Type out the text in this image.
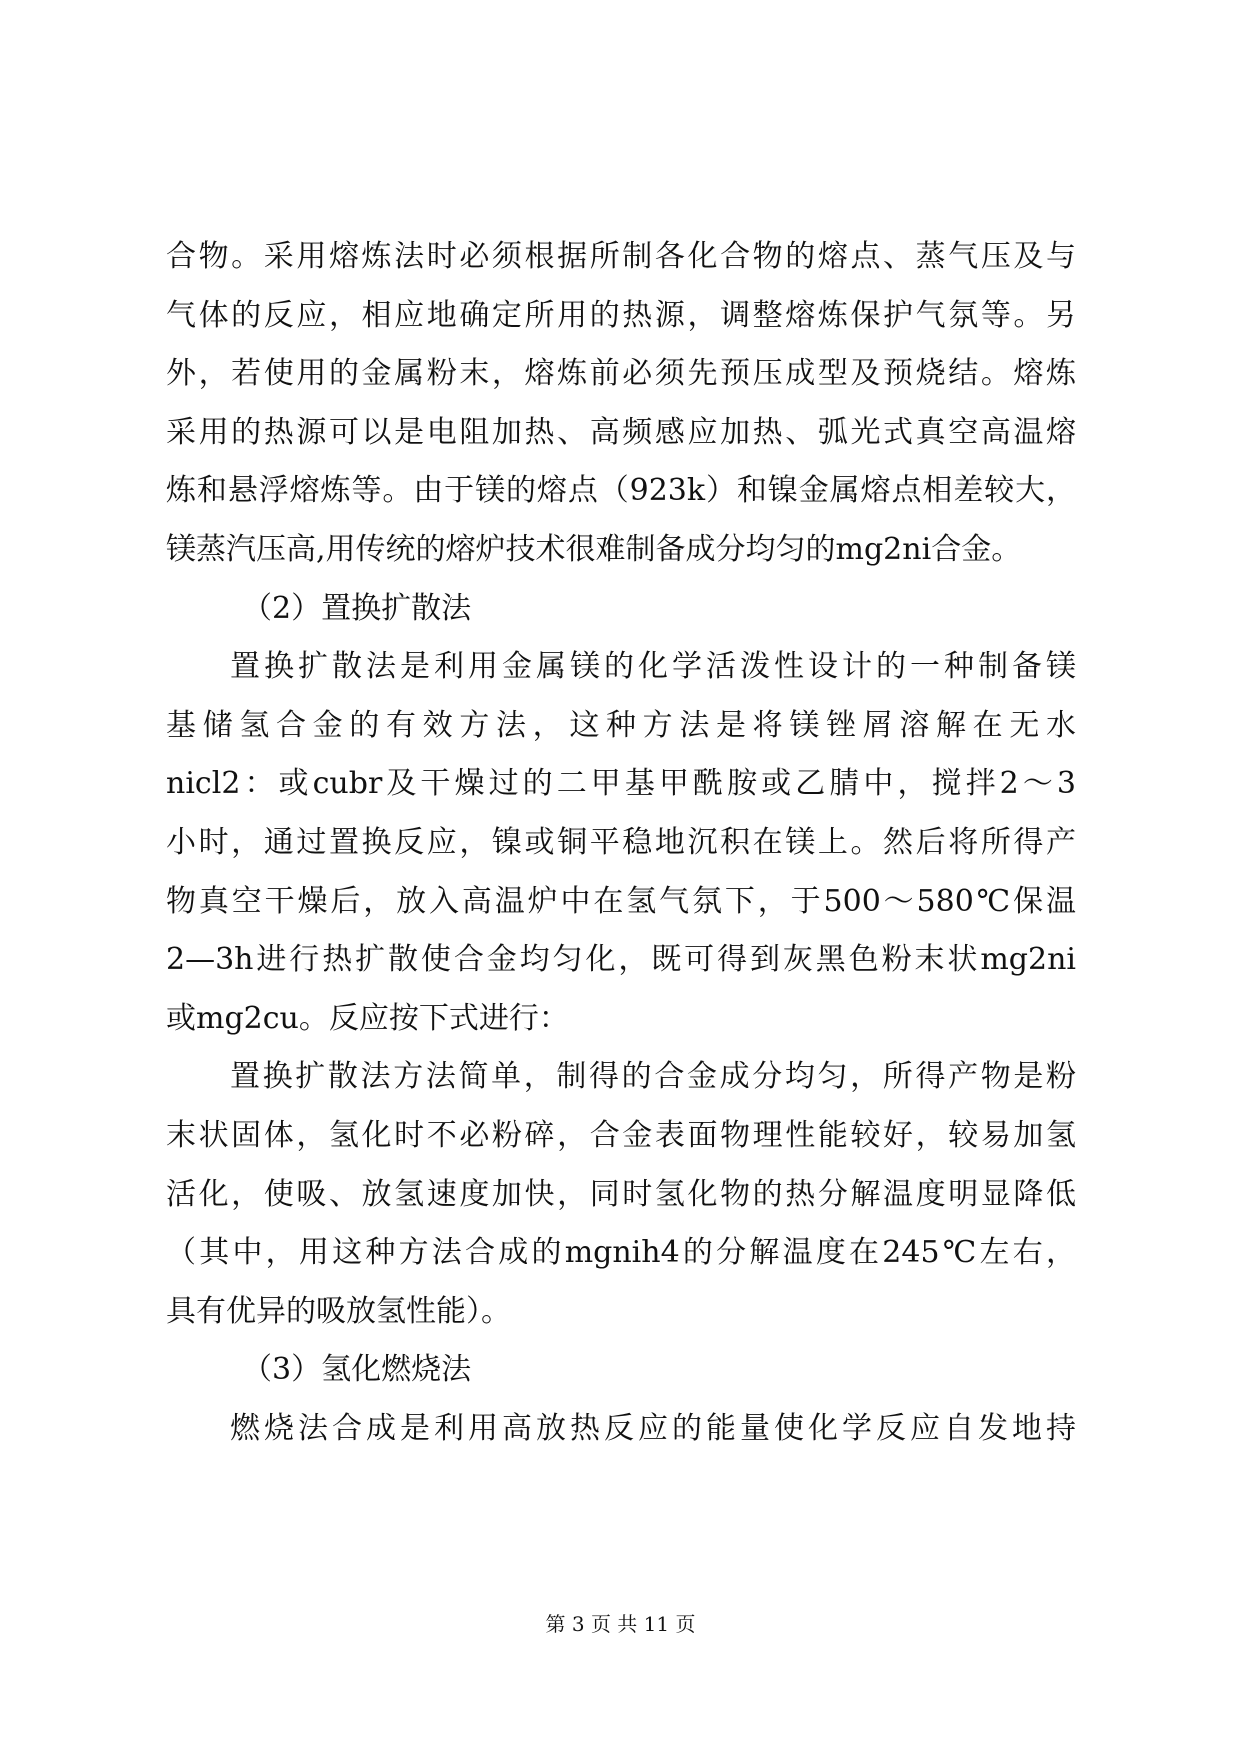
合物。采用熔炼法时必须根据所制各化合物的熔点、蒸气压及与
气体的反应，相应地确定所用的热源，调整熔炼保护气氛等。另
外，若使用的金属粉末，熔炼前必须先预压成型及预烧结。熔炼
采用的热源可以是电阻加热、高频感应加热、弧光式真空高温熔
炼和悬浮熔炼等。由于镁的熔点（923k）和镍金属熔点相差较大，
镁蒸汽压高,用传统的熔炉技术很难制备成分均匀的mg2ni合金。
（2）置换扩散法
置换扩散法是利用金属镁的化学活泼性设计的一种制备镁
基储氢合金的有效方法，这种方法是将镁锉屑溶解在无水
nicl2：或cubr及干燥过的二甲基甲酰胺或乙腈中，搅拌2～3
小时，通过置换反应，镍或铜平稳地沉积在镁上。然后将所得产
物真空干燥后，放入高温炉中在氢气氛下，于500～580℃保温
2—3h进行热扩散使合金均匀化，既可得到灰黑色粉末状mg2ni
或mg2cu。反应按下式进行：
置换扩散法方法简单，制得的合金成分均匀，所得产物是粉
末状固体，氢化时不必粉碎，合金表面物理性能较好，较易加氢
活化，使吸、放氢速度加快，同时氢化物的热分解温度明显降低
（其中，用这种方法合成的mgnih4的分解温度在245℃左右，
具有优异的吸放氢性能）。
（3）氢化燃烧法
燃烧法合成是利用高放热反应的能量使化学反应自发地持
第 3 页 共 11 页
